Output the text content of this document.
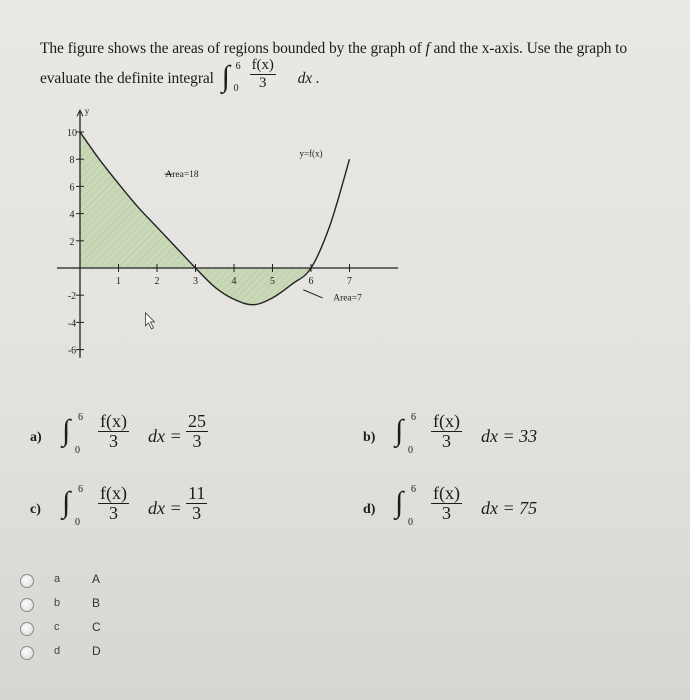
The figure shows the areas of regions bounded by the graph of f and the x-axis. Use the graph to evaluate the definite integral ∫ 6
$0 \frac{f(x)}{3}$ dx .
y
10
8
6
4
2
-2
-4
-6
1	2	3	4	5	6	7
y=f(x)
Area=18
Area=7
a) ∫ 6
$0 \frac{f(x)}{3}$ dx = $\frac{25}{3}$	b) ∫ 6
$0 \frac{f(x)}{3}$ dx = 33
c) ∫ 6
$0 \frac{f(x)}{3}$ dx = $\frac{11}{3}$	d) ∫ 6
$0 \frac{f(x)}{3}$ dx = 75
a	A
b	B
c	C
d	D
